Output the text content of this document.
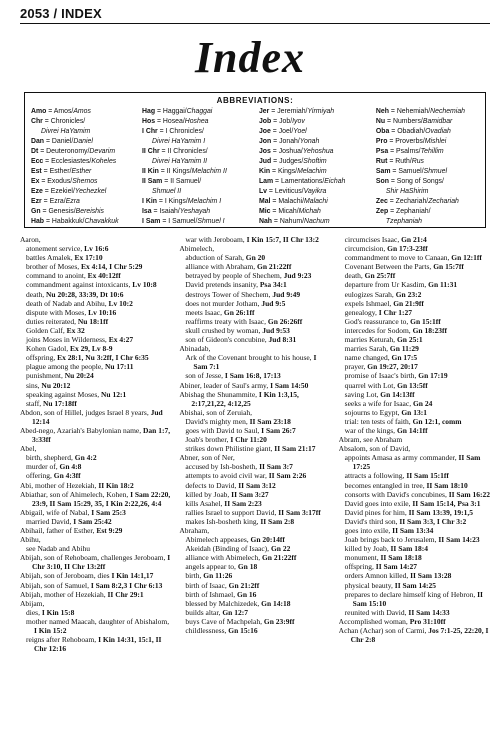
2053 / INDEX
Index
ABBREVIATIONS:
Amo = Amos/Amos
Chr = Chronicles/
Divrei HaYamim
Dan = Daniel/Daniel
Dt = Deuteronomy/Devarim
Ecc = Ecclesiastes/Koheles
Est = Esther/Esther
Ex = Exodus/Shemos
Eze = Ezekiel/Yechezkel
Ezr = Ezra/Ezra
Gn = Genesis/Bereishis
Hab = Habakkuk/Chavakkuk
Hag = Haggai/Chaggai
Hos = Hosea/Hoshea
I Chr = I Chronicles/
Divrei HaYamim I
II Chr = II Chronicles/
Divrei HaYamim II
II Kin = II Kings/Melachim II
II Sam = II Samuel/
Shmuel II
I Kin = I Kings/Melachim I
Isa = Isaiah/Yeshayah
I Sam = I Samuel/Shmuel I
Jer = Jeremiah/Yirmiyah
Job = Job/Iyov
Joe = Joel/Yoel
Jon = Jonah/Yonah
Jos = Joshua/Yehoshua
Jud = Judges/Shoftim
Kin = Kings/Melachim
Lam = Lamentations/Eichah
Lv = Leviticus/Vayikra
Mal = Malachi/Malachi
Mic = Micah/Michah
Nah = Nahum/Nachum
Neh = Nehemiah/Nechemiah
Nu = Numbers/Bamidbar
Oba = Obadiah/Ovadiah
Pro = Proverbs/Mishlei
Psa = Psalms/Tehillim
Rut = Ruth/Rus
Sam = Samuel/Shmuel
Son = Song of Songs/
Shir HaShirim
Zec = Zechariah/Zechariah
Zep = Zephaniah/
Tzephaniah
Aaron,
atonement service, Lv 16:6
battles Amalek, Ex 17:10
brother of Moses, Ex 4:14, I Chr 5:29
command to anoint, Ex 40:12ff
commandment against intoxicants, Lv 10:8
death, Nu 20:28, 33:39, Dt 10:6
death of Nadab and Abihu, Lv 10:2
dispute with Moses, Lv 10:16
duties reiterated, Nu 18:1ff
Golden Calf, Ex 32
joins Moses in Wilderness, Ex 4:27
Kohen Gadol, Ex 29, Lv 8-9
offspring, Ex 28:1, Nu 3:2ff, I Chr 6:35
plague among the people, Nu 17:11
punishment, Nu 20:24
sins, Nu 20:12
speaking against Moses, Nu 12:1
staff, Nu 17:18ff
Abdon, son of Hillel, judges Israel 8 years, Jud 12:14
Abed-nego, Azariah's Babylonian name, Dan 1:7, 3:33ff
Abel,
birth, shepherd, Gn 4:2
murder of, Gn 4:8
offering, Gn 4:3ff
Abi, mother of Hezekiah, II Kin 18:2
Abiathar, son of Ahimelech, Kohen, I Sam 22:20, 23:9, II Sam 15:29, 35, I Kin 2:22,26, 4:4
Abigail, wife of Nabal, I Sam 25:3
married David, I Sam 25:42
Abihail, father of Esther, Est 9:29
Abihu,
see Nadab and Abihu
Abijah, son of Rehoboam, challenges Jeroboam, I Chr 3:10, II Chr 13:2ff
Abijah, son of Jeroboam, dies I Kin 14:1,17
Abijah, son of Samuel, I Sam 8:2,3 I Chr 6:13
Abijah, mother of Hezekiah, II Chr 29:1
Abijam,
dies, I Kin 15:8
mother named Maacah, daughter of Abishalom, I Kin 15:2
reigns after Rehoboam, I Kin 14:31, 15:1, II Chr 12:16
war with Jeroboam, I Kin 15:7, II Chr 13:2
Abimelech,
abduction of Sarah, Gn 20
alliance with Abraham, Gn 21:22ff
betrayed by people of Shechem, Jud 9:23
David pretends insanity, Psa 34:1
destroys Tower of Shechem, Jud 9:49
does not murder Jotham, Jud 9:5
meets Isaac, Gn 26:1ff
reaffirms treaty with Isaac, Gn 26:26ff
skull crushed by woman, Jud 9:53
son of Gideon's concubine, Jud 8:31
Abinadab,
Ark of the Covenant brought to his house, I Sam 7:1
son of Jesse, I Sam 16:8, 17:13
Abiner, leader of Saul's army, I Sam 14:50
Abishag the Shunammite, I Kin 1:3,15, 2:17,21,22, 4:12,25
Abishai, son of Zeruiah,
David's mighty men, II Sam 23:18
goes with David to Saul, I Sam 26:7
Joab's brother, I Chr 11:20
strikes down Philistine giant, II Sam 21:17
Abner, son of Ner,
accused by Ish-bosheth, II Sam 3:7
attempts to avoid civil war, II Sam 2:26
defects to David, II Sam 3:12
killed by Joab, II Sam 3:27
kills Asahel, II Sam 2:23
rallies Israel to support David, II Sam 3:17ff
makes Ish-bosheth king, II Sam 2:8
Abraham,
Abimelech appeases, Gn 20:14ff
Akeidah (Binding of Isaac), Gn 22
alliance with Abimelech, Gn 21:22ff
angels appear to, Gn 18
birth, Gn 11:26
birth of Isaac, Gn 21:2ff
birth of Ishmael, Gn 16
blessed by Malchizedek, Gn 14:18
builds altar, Gn 12:7
buys Cave of Machpelah, Gn 23:9ff
childlessness, Gn 15:16
circumcises Isaac, Gn 21:4
circumcision, Gn 17:3-23ff
commandment to move to Canaan, Gn 12:1ff
Covenant Between the Parts, Gn 15:7ff
death, Gn 25:7ff
departure from Ur Kasdim, Gn 11:31
eulogizes Sarah, Gn 23:2
expels Ishmael, Gn 21:9ff
genealogy, I Chr 1:27
God's reassurance to, Gn 15:1ff
intercedes for Sodom, Gn 18:23ff
marries Keturah, Gn 25:1
marries Sarah, Gn 11:29
name changed, Gn 17:5
prayer, Gn 19:27, 20:17
promise of Isaac's birth, Gn 17:19
quarrel with Lot, Gn 13:5ff
saving Lot, Gn 14:13ff
seeks a wife for Isaac, Gn 24
sojourns to Egypt, Gn 13:1
trial: ten tests of faith, Gn 12:1, comm
war of the kings, Gn 14:1ff
Abram, see Abraham
Absalom, son of David,
appoints Amasa as army commander, II Sam 17:25
attracts a following, II Sam 15:1ff
becomes entangled in tree, II Sam 18:10
consorts with David's concubines, II Sam 16:22
David goes into exile, II Sam 15:14, Psa 3:1
David pines for him, II Sam 13:39, 19:1,5
David's third son, II Sam 3:3, I Chr 3:2
goes into exile, II Sam 13:34
Joab brings back to Jerusalem, II Sam 14:23
killed by Joab, II Sam 18:4
monument, II Sam 18:18
offspring, II Sam 14:27
orders Amnon killed, II Sam 13:28
physical beauty, II Sam 14:25
prepares to declare himself king of Hebron, II Sam 15:10
reunited with David, II Sam 14:33
Accomplished woman, Pro 31:10ff
Achan (Achar) son of Carmi, Jos 7:1-25, 22:20, I Chr 2:8
